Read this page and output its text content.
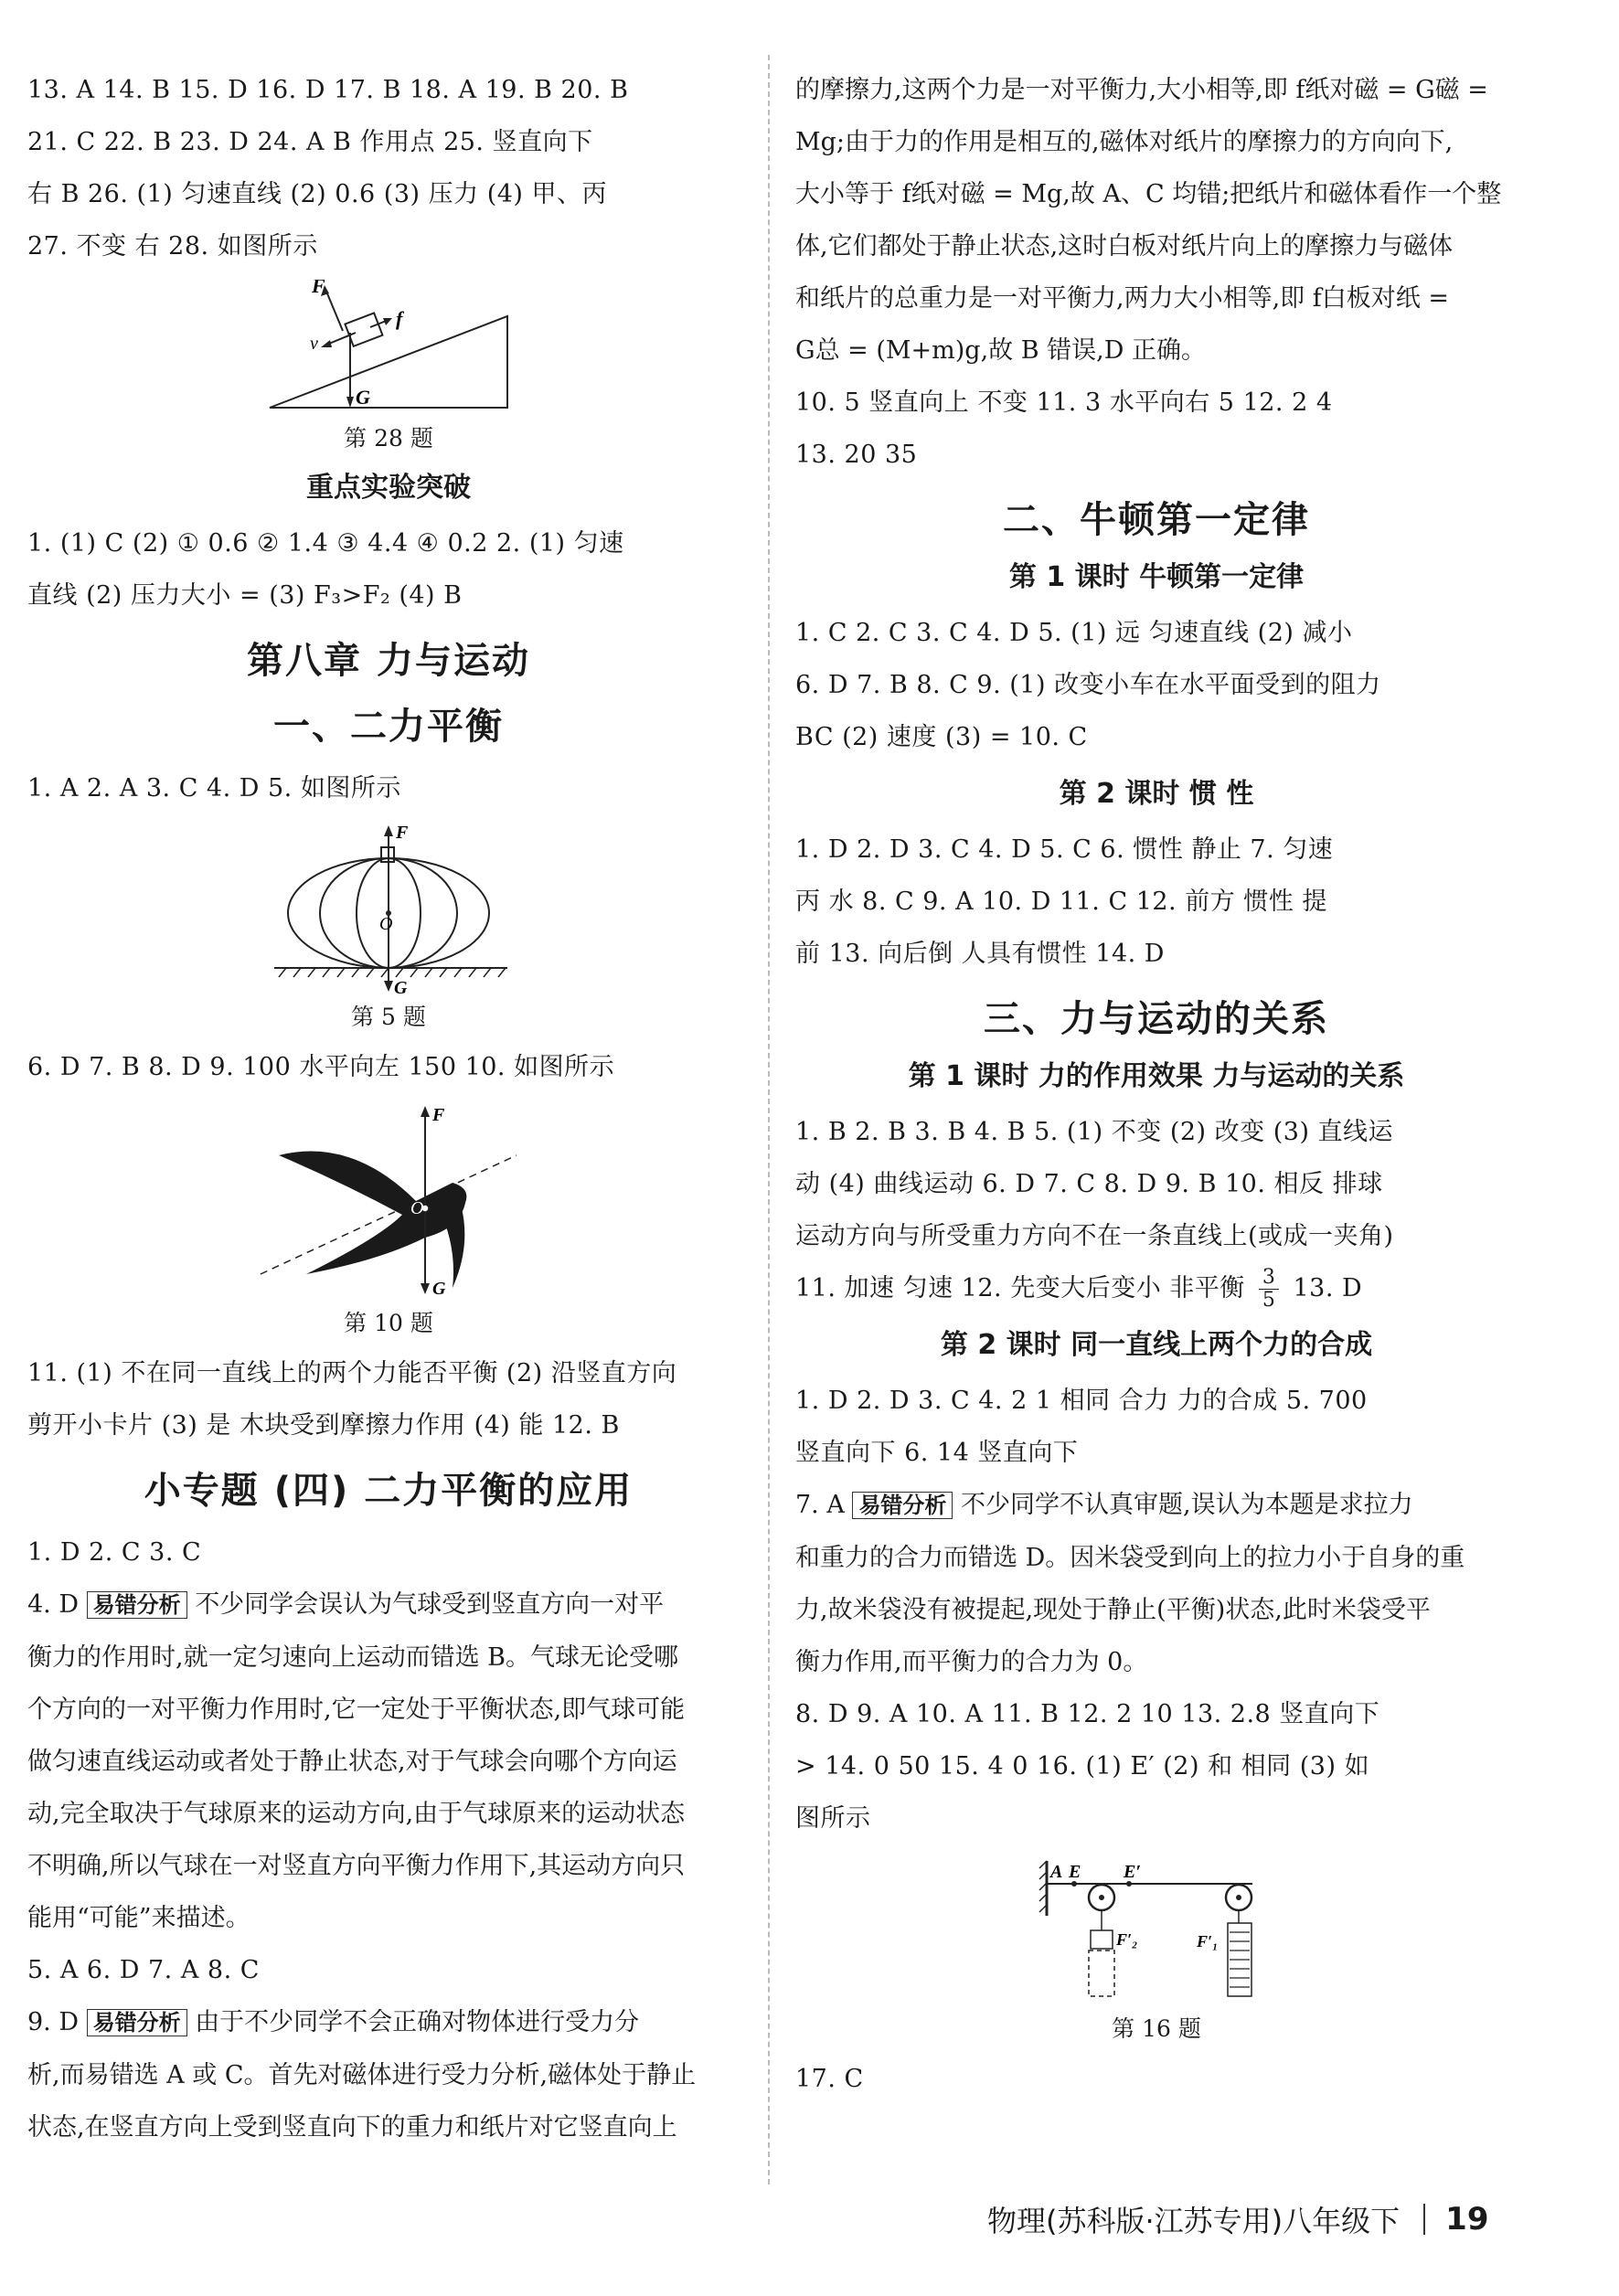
13. A 14. B 15. D 16. D 17. B 18. A 19. B 20. B
21. C 22. B 23. D 24. A B 作用点 25. 竖直向下
右 B 26. (1) 匀速直线 (2) 0.6 (3) 压力 (4) 甲、丙
27. 不变 右 28. 如图所示
F
v
f
G
第 28 题
重点实验突破
1. (1) C (2) ① 0.6 ② 1.4 ③ 4.4 ④ 0.2 2. (1) 匀速
直线 (2) 压力大小 = (3) F₃>F₂ (4) B
第八章 力与运动
一、二力平衡
1. A 2. A 3. C 4. D 5. 如图所示
F
O
G
第 5 题
6. D 7. B 8. D 9. 100 水平向左 150 10. 如图所示
F
O
G
第 10 题
11. (1) 不在同一直线上的两个力能否平衡 (2) 沿竖直方向
剪开小卡片 (3) 是 木块受到摩擦力作用 (4) 能 12. B
小专题 (四) 二力平衡的应用
1. D 2. C 3. C
4. D 易错分析 不少同学会误认为气球受到竖直方向一对平
衡力的作用时,就一定匀速向上运动而错选 B。气球无论受哪
个方向的一对平衡力作用时,它一定处于平衡状态,即气球可能
做匀速直线运动或者处于静止状态,对于气球会向哪个方向运
动,完全取决于气球原来的运动方向,由于气球原来的运动状态
不明确,所以气球在一对竖直方向平衡力作用下,其运动方向只
能用“可能”来描述。
5. A 6. D 7. A 8. C
9. D 易错分析 由于不少同学不会正确对物体进行受力分
析,而易错选 A 或 C。首先对磁体进行受力分析,磁体处于静止
状态,在竖直方向上受到竖直向下的重力和纸片对它竖直向上
的摩擦力,这两个力是一对平衡力,大小相等,即 f纸对磁 = G磁 =
Mg;由于力的作用是相互的,磁体对纸片的摩擦力的方向向下,
大小等于 f纸对磁 = Mg,故 A、C 均错;把纸片和磁体看作一个整
体,它们都处于静止状态,这时白板对纸片向上的摩擦力与磁体
和纸片的总重力是一对平衡力,两力大小相等,即 f白板对纸 =
G总 = (M+m)g,故 B 错误,D 正确。
10. 5 竖直向上 不变 11. 3 水平向右 5 12. 2 4
13. 20 35
二、牛顿第一定律
第 1 课时 牛顿第一定律
1. C 2. C 3. C 4. D 5. (1) 远 匀速直线 (2) 减小
6. D 7. B 8. C 9. (1) 改变小车在水平面受到的阻力
BC (2) 速度 (3) = 10. C
第 2 课时 惯 性
1. D 2. D 3. C 4. D 5. C 6. 惯性 静止 7. 匀速
丙 水 8. C 9. A 10. D 11. C 12. 前方 惯性 提
前 13. 向后倒 人具有惯性 14. D
三、力与运动的关系
第 1 课时 力的作用效果 力与运动的关系
1. B 2. B 3. B 4. B 5. (1) 不变 (2) 改变 (3) 直线运
动 (4) 曲线运动 6. D 7. C 8. D 9. B 10. 相反 排球
运动方向与所受重力方向不在一条直线上(或成一夹角)
11. 加速 匀速 12. 先变大后变小 非平衡 $\frac{3}{5} 13$. D
第 2 课时 同一直线上两个力的合成
1. D 2. D 3. C 4. 2 1 相同 合力 力的合成 5. 700
竖直向下 6. 14 竖直向下
7. A 易错分析 不少同学不认真审题,误认为本题是求拉力
和重力的合力而错选 D。因米袋受到向上的拉力小于自身的重
力,故米袋没有被提起,现处于静止(平衡)状态,此时米袋受平
衡力作用,而平衡力的合力为 0。
8. D 9. A 10. A 11. B 12. 2 10 13. 2.8 竖直向下
> 14. 0 50 15. 4 0 16. (1) E′ (2) 和 相同 (3) 如
图所示
A E E′
F′₂	F′₁
第 16 题
17. C
物理(苏科版·江苏专用)八年级下 19
